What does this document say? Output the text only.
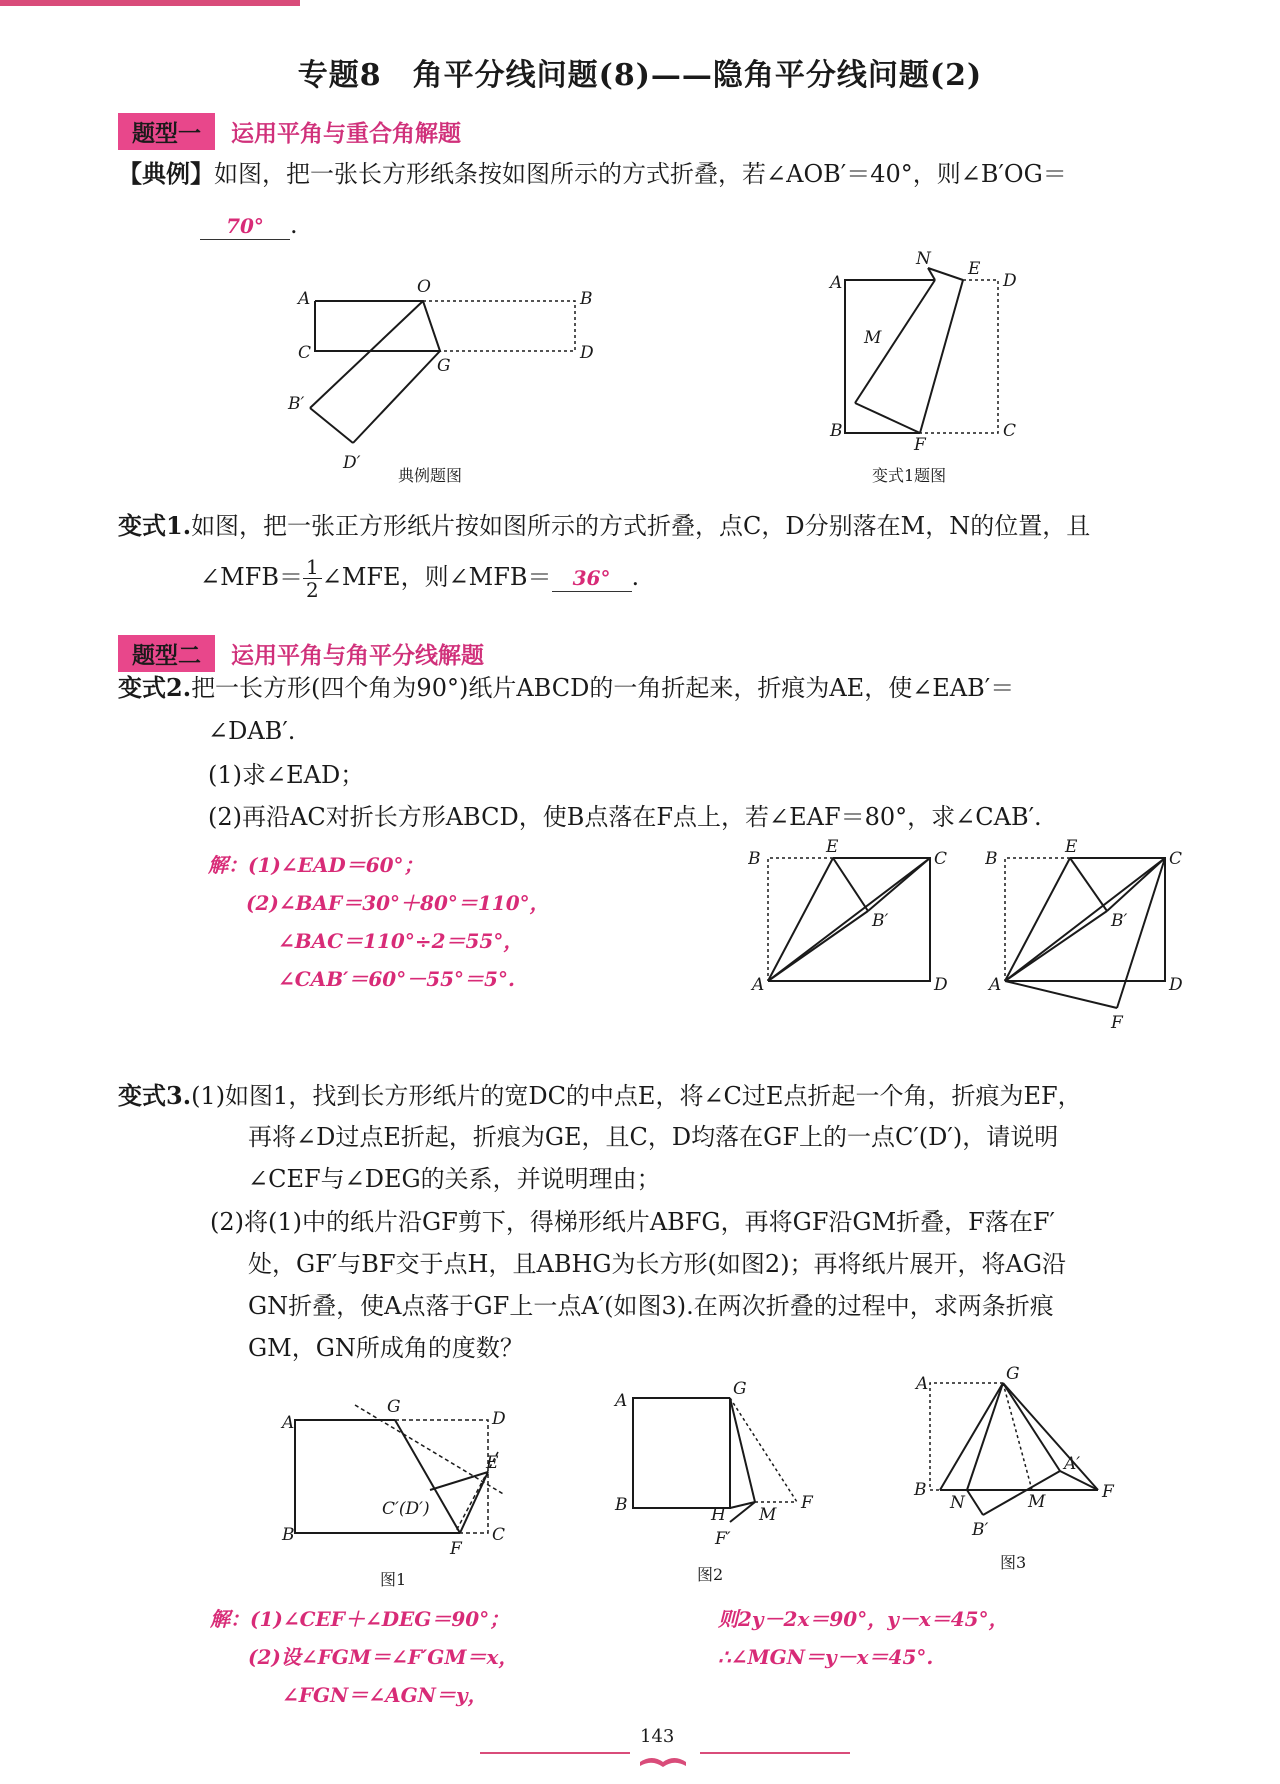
专题8　角平分线问题(8)——隐角平分线问题(2)
题型一 运用平角与重合角解题
【典例】如图，把一张长方形纸条按如图所示的方式折叠，若∠AOB′＝40°，则∠B′OG＝
70° .
A
O
B
C
G
D
B′
D′
典例题图
A
N E
D
M
B
F
C
变式1题图
变式1.如图，把一张正方形纸片按如图所示的方式折叠，点C，D分别落在M，N的位置，且
∠MFB＝ $\frac{1}{2}$ ∠MFE，则∠MFB＝ 36° .
题型二 运用平角与角平分线解题
变式2.把一长方形(四个角为90°)纸片ABCD的一角折起来，折痕为AE，使∠EAB′＝
∠DAB′.
(1)求∠EAD；
(2)再沿AC对折长方形ABCD，使B点落在F点上，若∠EAF＝80°，求∠CAB′.
解：(1)∠EAD＝60°；
(2)∠BAF＝30°＋80°＝110°，
∠BAC＝110°÷2＝55°，
∠CAB′＝60°－55°＝5°.
B
E
C
B′
A	D
B
E
C
B′
A	D
F
变式3.(1)如图1，找到长方形纸片的宽DC的中点E，将∠C过E点折起一个角，折痕为EF，
再将∠D过点E折起，折痕为GE，且C，D均落在GF上的一点C′(D′)，请说明
∠CEF与∠DEG的关系，并说明理由；
(2)将(1)中的纸片沿GF剪下，得梯形纸片ABFG，再将GF沿GM折叠，F落在F′
处，GF′与BF交于点H，且ABHG为长方形(如图2)；再将纸片展开，将AG沿
GN折叠，使A点落于GF上一点A′(如图3).在两次折叠的过程中，求两条折痕
GM，GN所成角的度数？
A
G
D
E
C′(D′)
B
F
C
图1
A
G
B	H M
F
F′
图2
A	G
A′
B
N	M	F
B′
图3
解：(1)∠CEF＋∠DEG＝90°；
(2)设∠FGM＝∠F′GM＝x，
∠FGN＝∠AGN＝y，
则2y－2x＝90°，y－x＝45°，
∴∠MGN＝y－x＝45°.
143
